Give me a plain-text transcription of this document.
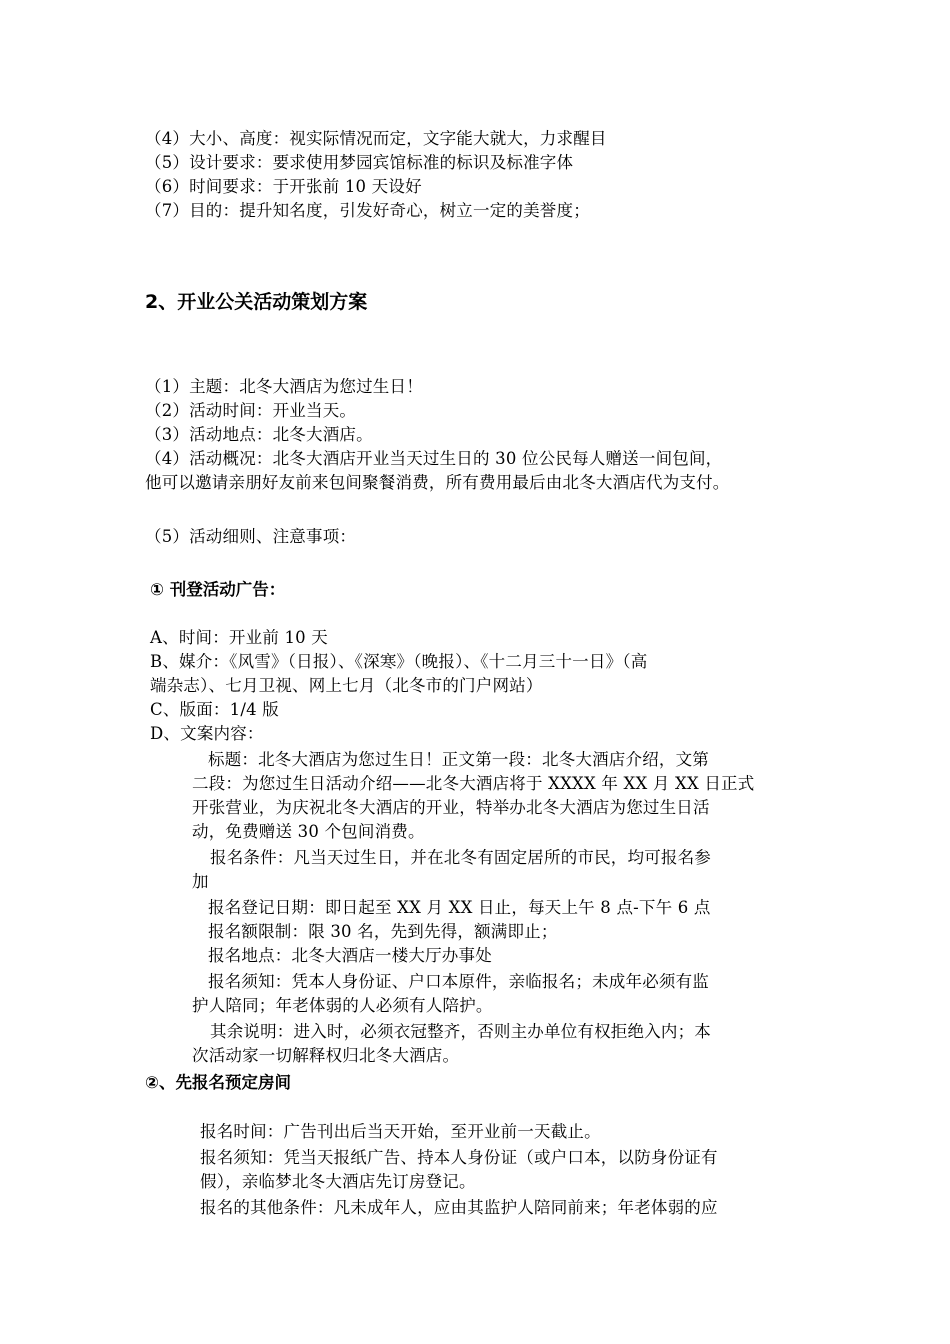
（4）大小、高度：视实际情况而定，文字能大就大，力求醒目
（5）设计要求：要求使用梦园宾馆标准的标识及标准字体
（6）时间要求：于开张前 10 天设好
（7）目的：提升知名度，引发好奇心，树立一定的美誉度；
2、开业公关活动策划方案
（1）主题：北冬大酒店为您过生日！
（2）活动时间：开业当天。
（3）活动地点：北冬大酒店。
（4）活动概况：北冬大酒店开业当天过生日的 30 位公民每人赠送一间包间，
他可以邀请亲朋好友前来包间聚餐消费，所有费用最后由北冬大酒店代为支付。
（5）活动细则、注意事项：
① 刊登活动广告：
A、时间：开业前 10 天
B、媒介：《风雪》（日报）、《深寒》（晚报）、《十二月三十一日》（高
端杂志）、七月卫视、网上七月（北冬市的门户网站）
C、版面：1/4 版
D、文案内容：
标题：北冬大酒店为您过生日！正文第一段：北冬大酒店介绍，文第
二段：为您过生日活动介绍——北冬大酒店将于 XXXX 年 XX 月 XX 日正式
开张营业，为庆祝北冬大酒店的开业，特举办北冬大酒店为您过生日活
动，免费赠送 30 个包间消费。
报名条件：凡当天过生日，并在北冬有固定居所的市民，均可报名参
加
报名登记日期：即日起至 XX 月 XX 日止，每天上午 8 点-下午 6 点
报名额限制：限 30 名，先到先得，额满即止；
报名地点：北冬大酒店一楼大厅办事处
报名须知：凭本人身份证、户口本原件，亲临报名；未成年必须有监
护人陪同；年老体弱的人必须有人陪护。
其余说明：进入时，必须衣冠整齐，否则主办单位有权拒绝入内；本
次活动家一切解释权归北冬大酒店。
②、先报名预定房间
报名时间：广告刊出后当天开始，至开业前一天截止。
报名须知：凭当天报纸广告、持本人身份证（或户口本，以防身份证有
假），亲临梦北冬大酒店先订房登记。
报名的其他条件：凡未成年人，应由其监护人陪同前来；年老体弱的应
